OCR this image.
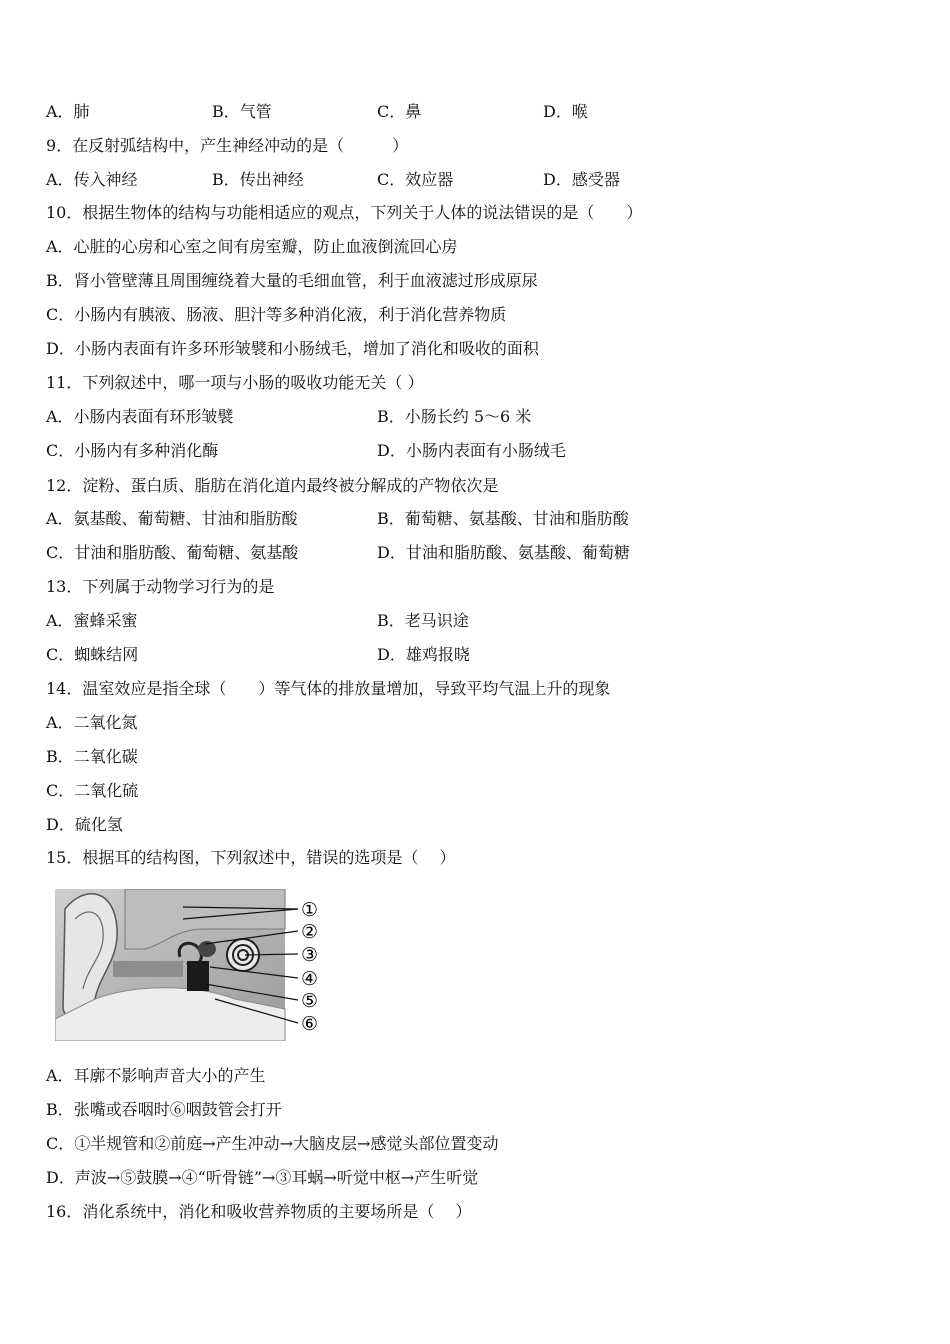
A．肺	B．气管	C．鼻	D．喉
9．在反射弧结构中，产生神经冲动的是（　　　）
A．传入神经	B．传出神经	C．效应器	D．感受器
10．根据生物体的结构与功能相适应的观点，下列关于人体的说法错误的是（　　）
A．心脏的心房和心室之间有房室瓣，防止血液倒流回心房
B．肾小管壁薄且周围缠绕着大量的毛细血管，利于血液滤过形成原尿
C．小肠内有胰液、肠液、胆汁等多种消化液，利于消化营养物质
D．小肠内表面有许多环形皱襞和小肠绒毛，增加了消化和吸收的面积
11．下列叙述中，哪一项与小肠的吸收功能无关（ ）
A．小肠内表面有环形皱襞	B．小肠长约 5～6 米
C．小肠内有多种消化酶	D．小肠内表面有小肠绒毛
12．淀粉、蛋白质、脂肪在消化道内最终被分解成的产物依次是
A．氨基酸、葡萄糖、甘油和脂肪酸	B．葡萄糖、氨基酸、甘油和脂肪酸
C．甘油和脂肪酸、葡萄糖、氨基酸	D．甘油和脂肪酸、氨基酸、葡萄糖
13．下列属于动物学习行为的是
A．蜜蜂采蜜	B．老马识途
C．蜘蛛结网	D．雄鸡报晓
14．温室效应是指全球（　　）等气体的排放量增加，导致平均气温上升的现象
A．二氧化氮
B．二氧化碳
C．二氧化硫
D．硫化氢
15．根据耳的结构图，下列叙述中，错误的选项是（　 ）
①
②
③
④
⑤
⑥
A．耳廓不影响声音大小的产生
B．张嘴或吞咽时⑥咽鼓管会打开
C．①半规管和②前庭→产生冲动→大脑皮层→感觉头部位置变动
D．声波→⑤鼓膜→④“听骨链”→③耳蜗→听觉中枢→产生听觉
16．消化系统中，消化和吸收营养物质的主要场所是（　 ）
